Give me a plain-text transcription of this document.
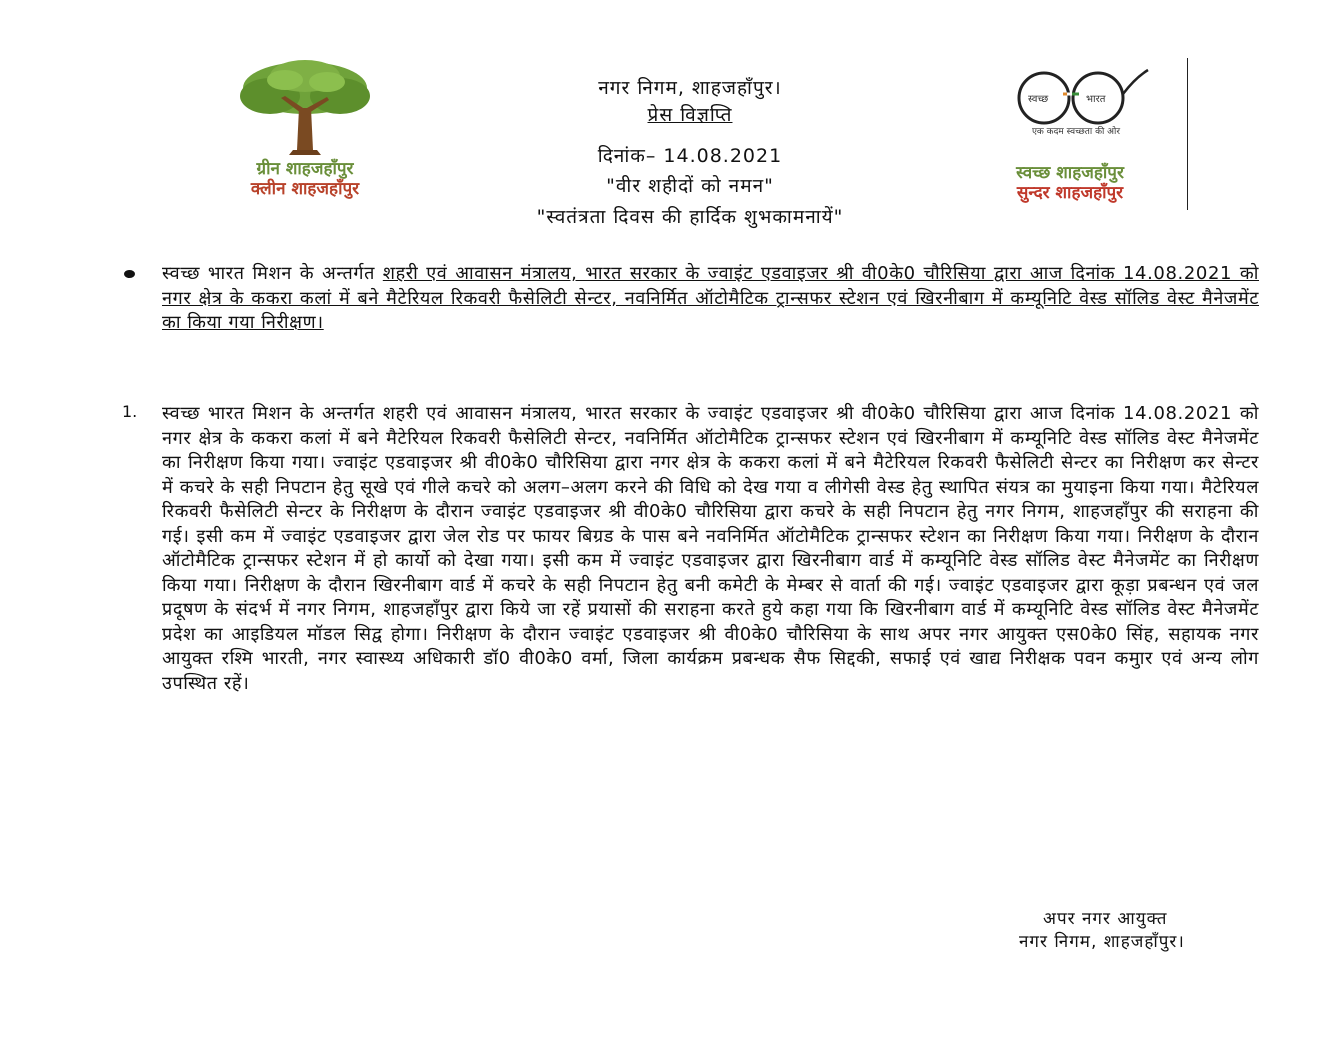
ग्रीन शाहजहाँपुर
क्लीन शाहजहाँपुर
नगर निगम, शाहजहाँपुर।
प्रेस विज्ञप्ति
दिनांक– 14.08.2021
"वीर शहीदों को नमन"
"स्वतंत्रता दिवस की हार्दिक शुभकामनायें"
स्वच्छ	भारत
एक कदम स्वच्छता की ओर
स्वच्छ शाहजहाँपुर
सुन्दर शाहजहाँपुर

स्वच्छ भारत मिशन के अन्तर्गत शहरी एवं आवासन मंत्रालय, भारत सरकार के ज्वाइंट एडवाइजर श्री वी0के0 चौरिसिया द्वारा आज दिनांक 14.08.2021 को नगर क्षेत्र के ककरा कलां में बने मैटेरियल रिकवरी फैसेलिटी सेन्टर, नवनिर्मित ऑटोमैटिक ट्रान्सफर स्टेशन एवं खिरनीबाग में कम्यूनिटि वेस्ड सॉलिड वेस्ट मैनेजमेंट का किया गया निरीक्षण।

1. स्वच्छ भारत मिशन के अन्तर्गत शहरी एवं आवासन मंत्रालय, भारत सरकार के ज्वाइंट एडवाइजर श्री वी0के0 चौरिसिया द्वारा आज दिनांक 14.08.2021 को नगर क्षेत्र के ककरा कलां में बने मैटेरियल रिकवरी फैसेलिटी सेन्टर, नवनिर्मित ऑटोमैटिक ट्रान्सफर स्टेशन एवं खिरनीबाग में कम्यूनिटि वेस्ड सॉलिड वेस्ट मैनेजमेंट का निरीक्षण किया गया। ज्वाइंट एडवाइजर श्री वी0के0 चौरिसिया द्वारा नगर क्षेत्र के ककरा कलां में बने मैटेरियल रिकवरी फैसेलिटी सेन्टर का निरीक्षण कर सेन्टर में कचरे के सही निपटान हेतु सूखे एवं गीले कचरे को अलग–अलग करने की विधि को देख गया व लीगेसी वेस्ड हेतु स्थापित संयत्र का मुयाइना किया गया। मैटेरियल रिकवरी फैसेलिटी सेन्टर के निरीक्षण के दौरान ज्वाइंट एडवाइजर श्री वी0के0 चौरिसिया द्वारा कचरे के सही निपटान हेतु नगर निगम, शाहजहाँपुर की सराहना की गई। इसी कम में ज्वाइंट एडवाइजर द्वारा जेल रोड पर फायर बिग्रड के पास बने नवनिर्मित ऑटोमैटिक ट्रान्सफर स्टेशन का निरीक्षण किया गया। निरीक्षण के दौरान ऑटोमैटिक ट्रान्सफर स्टेशन में हो कार्यो को देखा गया। इसी कम में ज्वाइंट एडवाइजर द्वारा खिरनीबाग वार्ड में कम्यूनिटि वेस्ड सॉलिड वेस्ट मैनेजमेंट का निरीक्षण किया गया। निरीक्षण के दौरान खिरनीबाग वार्ड में कचरे के सही निपटान हेतु बनी कमेटी के मेम्बर से वार्ता की गई। ज्वाइंट एडवाइजर द्वारा कूड़ा प्रबन्धन एवं जल प्रदूषण के संदर्भ में नगर निगम, शाहजहाँपुर द्वारा किये जा रहें प्रयासों की सराहना करते हुये कहा गया कि खिरनीबाग वार्ड में कम्यूनिटि वेस्ड सॉलिड वेस्ट मैनेजमेंट प्रदेश का आइडियल मॉडल सिद्व होगा। निरीक्षण के दौरान ज्वाइंट एडवाइजर श्री वी0के0 चौरिसिया के साथ अपर नगर आयुक्त एस0के0 सिंह, सहायक नगर आयुक्त रश्मि भारती, नगर स्वास्थ्य अधिकारी डॉ0 वी0के0 वर्मा, जिला कार्यक्रम प्रबन्धक सैफ सिद्दकी, सफाई एवं खाद्य निरीक्षक पवन कमुार एवं अन्य लोग उपस्थित रहें।

अपर नगर आयुक्त
नगर निगम, शाहजहाँपुर।
